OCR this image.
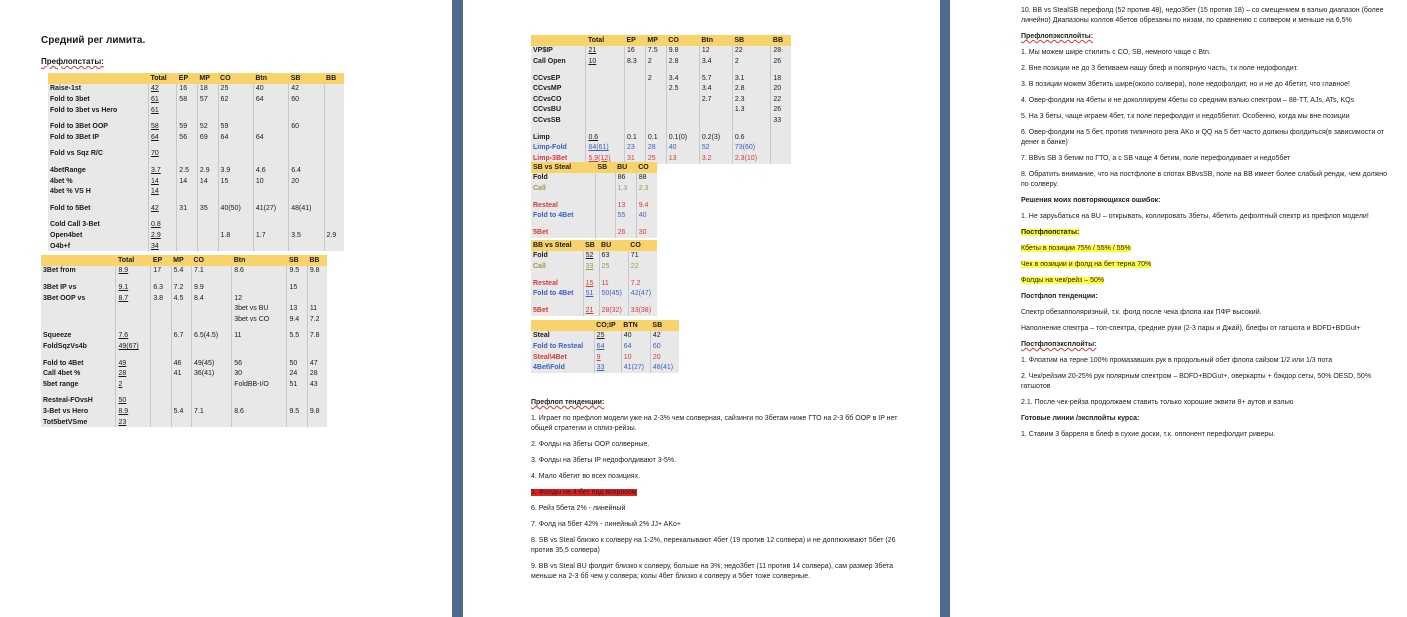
Средний рег лимита.
Префлопстаты:
	Total	EP	MP	CO	Btn	SB	BB
Raise-1st	42	16	18	25	40	42	
Fold to 3bet	61	58	57	62	64	60	
Fold to 3bet vs Hero	61						

Fold to 3Bet OOP	58	59	52	59		60	
Fold to 3Bet IP	64	56	69	64	64		

Fold vs Sqz R/C	70						

4betRange	3.7	2.5	2.9	3.9	4.6	6.4	
4bet %	14	14	14	15	10	20	
4bet % VS H	14						

Fold to 5Bet	42	31	35	40(50)	41(27)	48(41)	

Cold Call 3-Bet	0.8						
Open4bet	2.9			1.8	1.7	3.5	2.9
O4b+f	34						
	Total	EP	MP	CO	Btn	SB	BB
3Bet from	8.9	17	5.4	7.1	8.6	9.5	9.8

3Bet IP vs	9.1	6.3	7.2	9.9		15	
3Bet OOP vs	8.7	3.8	4.5	8.4	12		
					3bet vs BU	13	11
					3bet vs CO	9.4	7.2

Squeeze	7.6		6.7	6.5(4.5)	11	5.5	7.8
FoldSqzVs4b	49(67)						

Fold to 4Bet	49		46	49(45)	56	50	47
Call 4bet %	28		41	36(41)	30	24	28
5bet range	2				FoldBB-I/O	51	43

Resteal-FOvsH	50						
3-Bet vs Hero	8.9		5.4	7.1	8.6	9.5	9.8
Tot5betVSme	23						
	Total	EP	MP	CO	Btn	SB	BB
VP$IP	21	16	7.5	9.8	12	22	28
Call Open	10	8.3	2	2.8	3.4	2	26

CCvsEP			2	3.4	5.7	3.1	18
CCvsMP				2.5	3.4	2.8	20
CCvsCO					2.7	2.3	22
CCvsBU						1.3	26
CCvsSB							33

Limp	0.6	0.1	0.1	0.1(0)	0.2(3)	0.6	
Limp-Fold	64(61)	23	28	40	52	73(60)	
Limp-3Bet	5.9(12)	31	25	13	3.2	2.3(10)	
SB vs Steal	SB	BU	CO
Fold		86	88
Call		1.3	2.3

Resteal		13	9.4
Fold to 4Bet		55	40

5Bet		26	30
BB vs Steal	SB	BU	CO
Fold	52	63	71
Call	33	25	22

Resteal	15	11	7.2
Fold to 4Bet	51	50(45)	42(47)

5Bet	21	28(32)	33(38)
	CO;IP	BTN	SB
Steal	25	40	42
Fold to Resteal	64	64	60
Steal\4Bet	9	10	20
4Bet\Fold	33	41(27)	48(41)
Префлоп тенденции:
1. Играет по префлоп модели уже на 2-3% чем солверная, сайзинги по 3бетам ниже ГТО на 2-3 бб OOP в IP нет общей стратегии и сплиз-рейзы.
2. Фолды на 3беты OOP солверные.
3. Фолды на 3беты IP недофолдивают 3-5%.
4. Мало 4бетит во всех позициях.
5. Фолды на 4-бет под вопросом
6. Рейз 5бета 2% - линейный
7. Фолд на 5бет 42% - линейный 2% JJ+ AKo+
8. SB vs Steal близко к солверу на 1-2%, перекалывают 4бет (19 против 12 солвера) и не доплюхивают 5бет (26 против 35,5 солвера)
9. BB vs Steal BU фолдит близко к солверу, больше на 3%; недо3бет (11 против 14 солвера), сам размер 3бета меньше на 2-3 бб чем у солвера; колы 4бет близко к солверу и 5бет тоже солверные.
10. BB vs StealSB перефолд (52 против 48), недо3бет (15 против 18) – со смещением в вэлью диапазон (более линейно) Диапазоны коллов 4бетов обрезаны по низам, по сравнению с солвером и меньше на 6,5%
Префлопэксплойты:
1. Мы можем шире стилить с CO, SB, немного чаще с Btn.
2. Вне позиции не до 3 бетиваем нашу блеф и полярную часть, т.к поле недофолдит.
3. В позиции можем 3бетить шире(около солвера), поле недофолдит, но и не до 4бетит, что главное!
4. Овер-фолдим на 4беты и не доколлируем 4беты со средним вэлью спектром – 88-TT, AJs, ATs, KQs
5. На 3 беты, чаще играем 4бет, т.к поле перефолдит и недо5бетит. Особенно, когда мы вне позиции
6. Овер-фолдим на 5 бет, против типичного рега AKo и QQ на 5 бет часто должны фолдиться(в зависимости от денег в банке)
7. BBvs SB 3 бетим по ГТО, а с SB чаще 4 бетим, поле перефолдивает и недо5бет
8. Обратить внимание, что на постфлопе в спотах BBvsSB, поле на BB имеет более слабый рендж, чем должно по солверу.
Решения моих повторяющихся ошибок:
1. Не заруьбаться на BU – открывать, коллировать 3беты, 4бетить дефолтный спектр из префлоп модели!
Постфлопстаты:
Кбеты в позиции 75% / 55% / 55%
Чек в позиции и фолд на бет терна 70%
Фолды на чек/рейз – 50%
Постфлоп тенденции:
Спектр обезапполяризный, т.к. фолд после чека флопа как ПФР высокий.
Наполнение спектра – топ-спектра, средние руки (2-3 пары и Джай), блефы от гатшота и BDFD+BDGut+
Постфлопэксплойты:
1. Флоатим на терне 100% промазавших рук в продольный обет флопа сайзом 1/2 или 1/3 пота
2. Чек/рейзим 20-25% рук полярным спектром – BDFD+BDGut+, оверкарты + бэкдор сеты, 50% OESD, 50% гатшотов
2.1. После чек-рейза продолжаем ставить только хорошие эквити 8+ аутов и вэлью
Готовые линии /эксплойты курса:
1. Ставим 3 барреля в блеф в сухие доски, т.к. оппонент перефолдит риверы.
